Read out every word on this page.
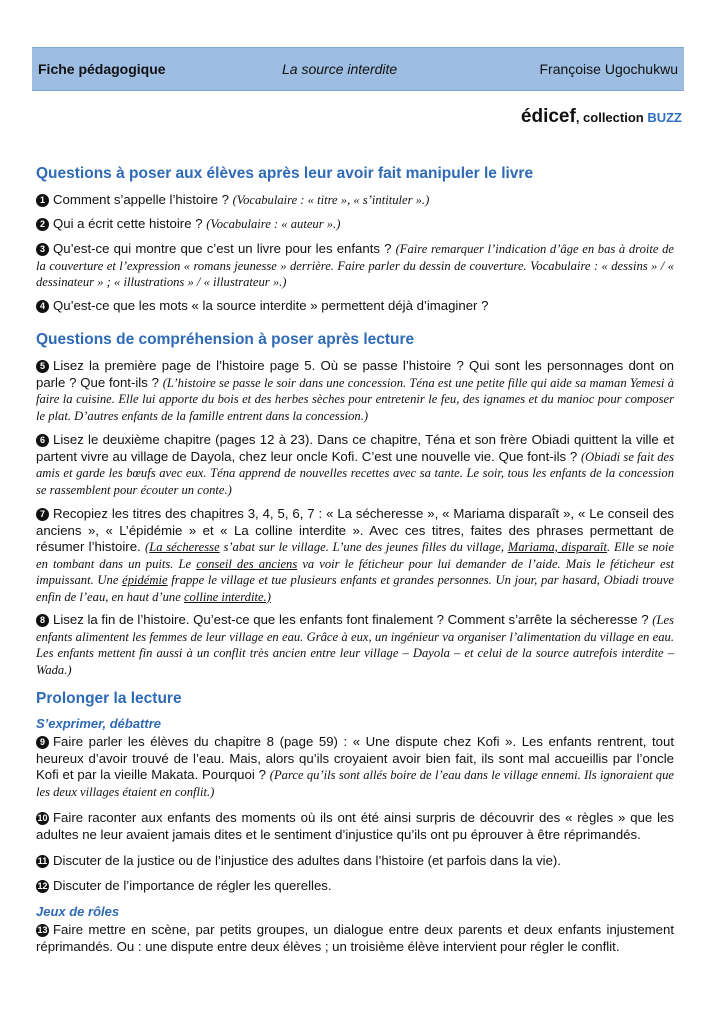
Fiche pédagogique	La source interdite	Françoise Ugochukwu
édicef, collection BUZZ
Questions à poser aux élèves après leur avoir fait manipuler le livre
1 Comment s’appelle l’histoire ? (Vocabulaire : « titre », « s’intituler ».)
2 Qui a écrit cette histoire ? (Vocabulaire : « auteur ».)
3 Qu’est-ce qui montre que c’est un livre pour les enfants ? (Faire remarquer l’indication d’âge en bas à droite de la couverture et l’expression « romans jeunesse » derrière. Faire parler du dessin de couverture. Vocabulaire : « dessins » / « dessinateur » ; « illustrations » / « illustrateur ».)
4 Qu’est-ce que les mots « la source interdite » permettent déjà d’imaginer ?
Questions de compréhension à poser après lecture
5 Lisez la première page de l’histoire page 5. Où se passe l’histoire ? Qui sont les personnages dont on parle ? Que font-ils ? (L’histoire se passe le soir dans une concession. Téna est une petite fille qui aide sa maman Yemesi à faire la cuisine. Elle lui apporte du bois et des herbes sèches pour entretenir le feu, des ignames et du manioc pour composer le plat. D’autres enfants de la famille entrent dans la concession.)
6 Lisez le deuxième chapitre (pages 12 à 23). Dans ce chapitre, Téna et son frère Obiadi quittent la ville et partent vivre au village de Dayola, chez leur oncle Kofi. C’est une nouvelle vie. Que font-ils ? (Obiadi se fait des amis et garde les bœufs avec eux. Téna apprend de nouvelles recettes avec sa tante. Le soir, tous les enfants de la concession se rassemblent pour écouter un conte.)
7 Recopiez les titres des chapitres 3, 4, 5, 6, 7 : « La sécheresse », « Mariama disparaît », « Le conseil des anciens », « L’épidémie » et « La colline interdite ». Avec ces titres, faites des phrases permettant de résumer l’histoire. (La sécheresse s’abat sur le village. L’une des jeunes filles du village, Mariama, disparaît. Elle se noie en tombant dans un puits. Le conseil des anciens va voir le féticheur pour lui demander de l’aide. Mais le féticheur est impuissant. Une épidémie frappe le village et tue plusieurs enfants et grandes personnes. Un jour, par hasard, Obiadi trouve enfin de l’eau, en haut d’une colline interdite.)
8 Lisez la fin de l’histoire. Qu’est-ce que les enfants font finalement ? Comment s’arrête la sécheresse ? (Les enfants alimentent les femmes de leur village en eau. Grâce à eux, un ingénieur va organiser l’alimentation du village en eau. Les enfants mettent fin aussi à un conflit très ancien entre leur village – Dayola – et celui de la source autrefois interdite – Wada.)
Prolonger la lecture
S’exprimer, débattre
9 Faire parler les élèves du chapitre 8 (page 59) : « Une dispute chez Kofi ». Les enfants rentrent, tout heureux d’avoir trouvé de l’eau. Mais, alors qu’ils croyaient avoir bien fait, ils sont mal accueillis par l’oncle Kofi et par la vieille Makata. Pourquoi ? (Parce qu’ils sont allés boire de l’eau dans le village ennemi. Ils ignoraient que les deux villages étaient en conflit.)
10 Faire raconter aux enfants des moments où ils ont été ainsi surpris de découvrir des « règles » que les adultes ne leur avaient jamais dites et le sentiment d’injustice qu’ils ont pu éprouver à être réprimandés.
11 Discuter de la justice ou de l’injustice des adultes dans l’histoire (et parfois dans la vie).
12 Discuter de l’importance de régler les querelles.
Jeux de rôles
13 Faire mettre en scène, par petits groupes, un dialogue entre deux parents et deux enfants injustement réprimandés. Ou : une dispute entre deux élèves ; un troisième élève intervient pour régler le conflit.
